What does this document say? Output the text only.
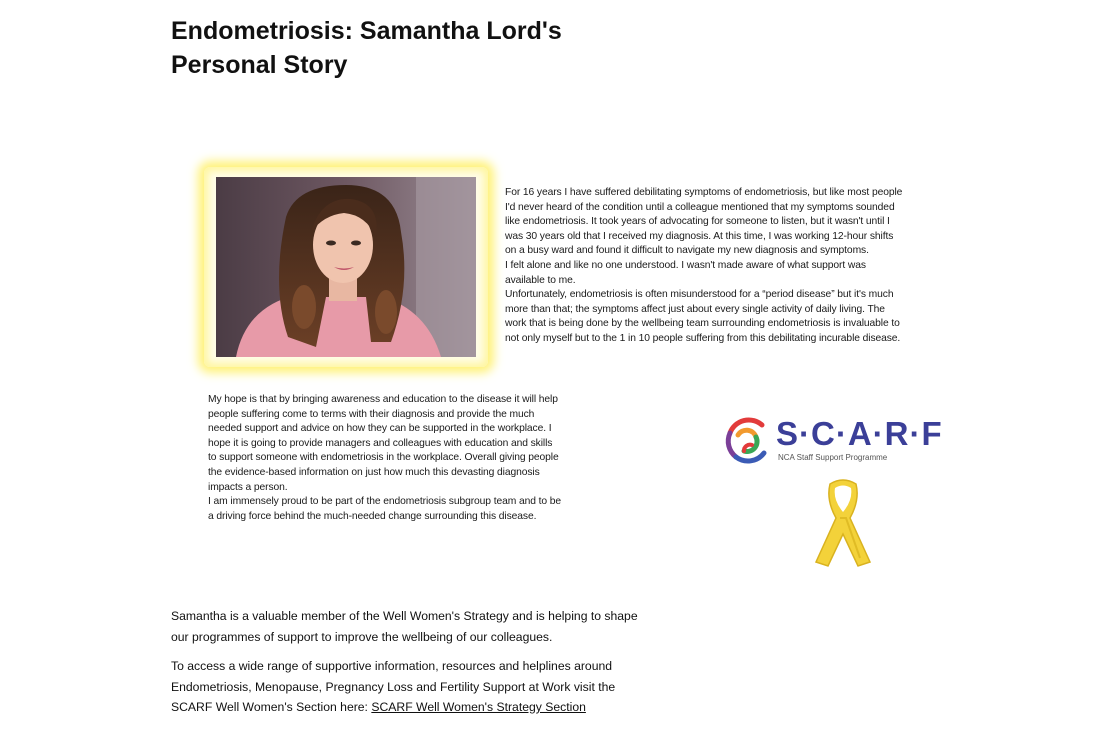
Endometriosis: Samantha Lord's
Personal Story
For 16 years I have suffered debilitating symptoms of endometriosis, but like most people
I'd never heard of the condition until a colleague mentioned that my symptoms sounded
like endometriosis. It took years of advocating for someone to listen, but it wasn't until I
was 30 years old that I received my diagnosis. At this time, I was working 12-hour shifts
on a busy ward and found it difficult to navigate my new diagnosis and symptoms.
I felt alone and like no one understood. I wasn't made aware of what support was
available to me.
Unfortunately, endometriosis is often misunderstood for a “period disease” but it's much
more than that; the symptoms affect just about every single activity of daily living. The
work that is being done by the wellbeing team surrounding endometriosis is invaluable to
not only myself but to the 1 in 10 people suffering from this debilitating incurable disease.
My hope is that by bringing awareness and education to the disease it will help
people suffering come to terms with their diagnosis and provide the much
needed support and advice on how they can be supported in the workplace. I
hope it is going to provide managers and colleagues with education and skills
to support someone with endometriosis in the workplace. Overall giving people
the evidence-based information on just how much this devasting diagnosis
impacts a person.
I am immensely proud to be part of the endometriosis subgroup team and to be
a driving force behind the much-needed change surrounding this disease.
S·C·A·R·F
NCA Staff Support Programme

Samantha is a valuable member of the Well Women's Strategy and is helping to shape
our programmes of support to improve the wellbeing of our colleagues.

To access a wide range of supportive information, resources and helplines around
Endometriosis, Menopause, Pregnancy Loss and Fertility Support at Work visit the
SCARF Well Women's Section here: SCARF Well Women's Strategy Section
